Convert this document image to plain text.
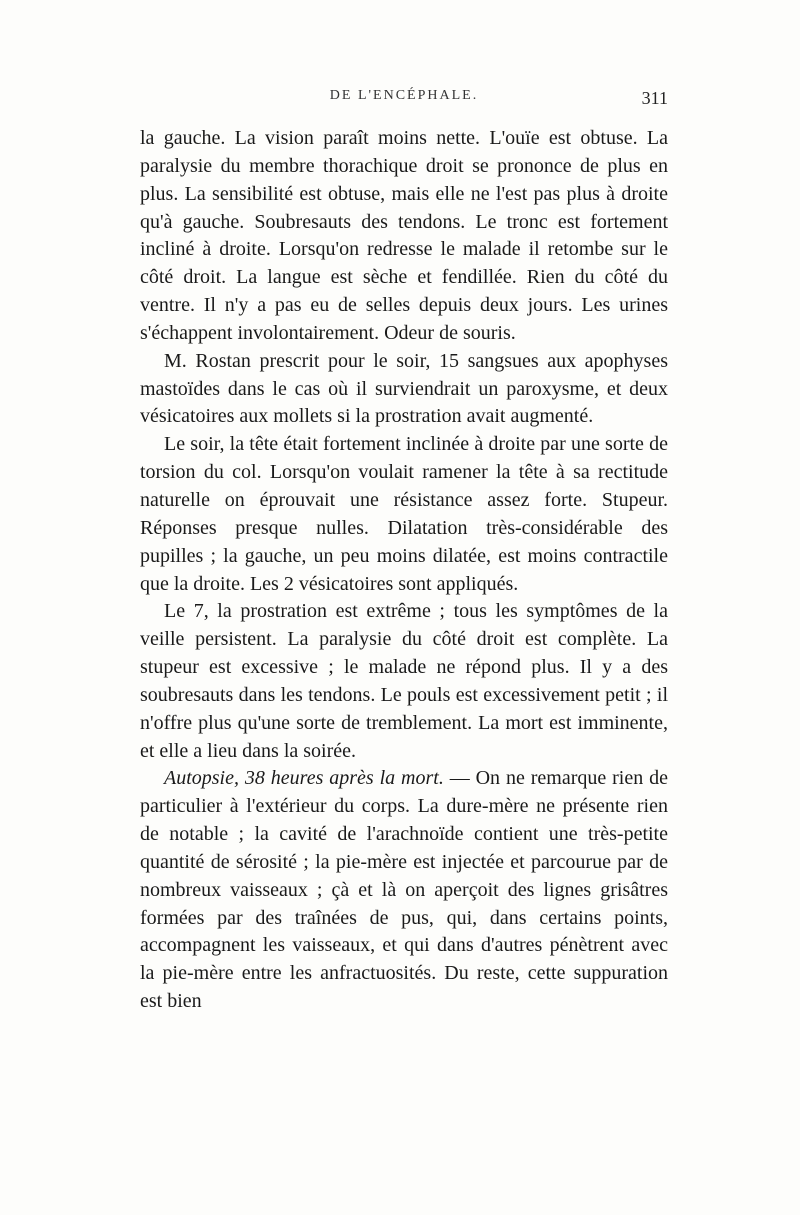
DE L'ENCÉPHALE.	311

la gauche. La vision paraît moins nette. L'ouïe est obtuse. La paralysie du membre thorachique droit se prononce de plus en plus. La sensibilité est obtuse, mais elle ne l'est pas plus à droite qu'à gauche. Soubresauts des tendons. Le tronc est fortement incliné à droite. Lorsqu'on redresse le malade il retombe sur le côté droit. La langue est sèche et fendillée. Rien du côté du ventre. Il n'y a pas eu de selles depuis deux jours. Les urines s'échappent involontairement. Odeur de souris.

M. Rostan prescrit pour le soir, 15 sangsues aux apophyses mastoïdes dans le cas où il surviendrait un paroxysme, et deux vésicatoires aux mollets si la prostration avait augmenté.

Le soir, la tête était fortement inclinée à droite par une sorte de torsion du col. Lorsqu'on voulait ramener la tête à sa rectitude naturelle on éprouvait une résistance assez forte. Stupeur. Réponses presque nulles. Dilatation très-considérable des pupilles ; la gauche, un peu moins dilatée, est moins contractile que la droite. Les 2 vésicatoires sont appliqués.

Le 7, la prostration est extrême ; tous les symptômes de la veille persistent. La paralysie du côté droit est complète. La stupeur est excessive ; le malade ne répond plus. Il y a des soubresauts dans les tendons. Le pouls est excessivement petit ; il n'offre plus qu'une sorte de tremblement. La mort est imminente, et elle a lieu dans la soirée.

Autopsie, 38 heures après la mort. — On ne remarque rien de particulier à l'extérieur du corps. La dure-mère ne présente rien de notable ; la cavité de l'arachnoïde contient une très-petite quantité de sérosité ; la pie-mère est injectée et parcourue par de nombreux vaisseaux ; çà et là on aperçoit des lignes grisâtres formées par des traînées de pus, qui, dans certains points, accompagnent les vaisseaux, et qui dans d'autres pénètrent avec la pie-mère entre les anfractuosités. Du reste, cette suppuration est bien
